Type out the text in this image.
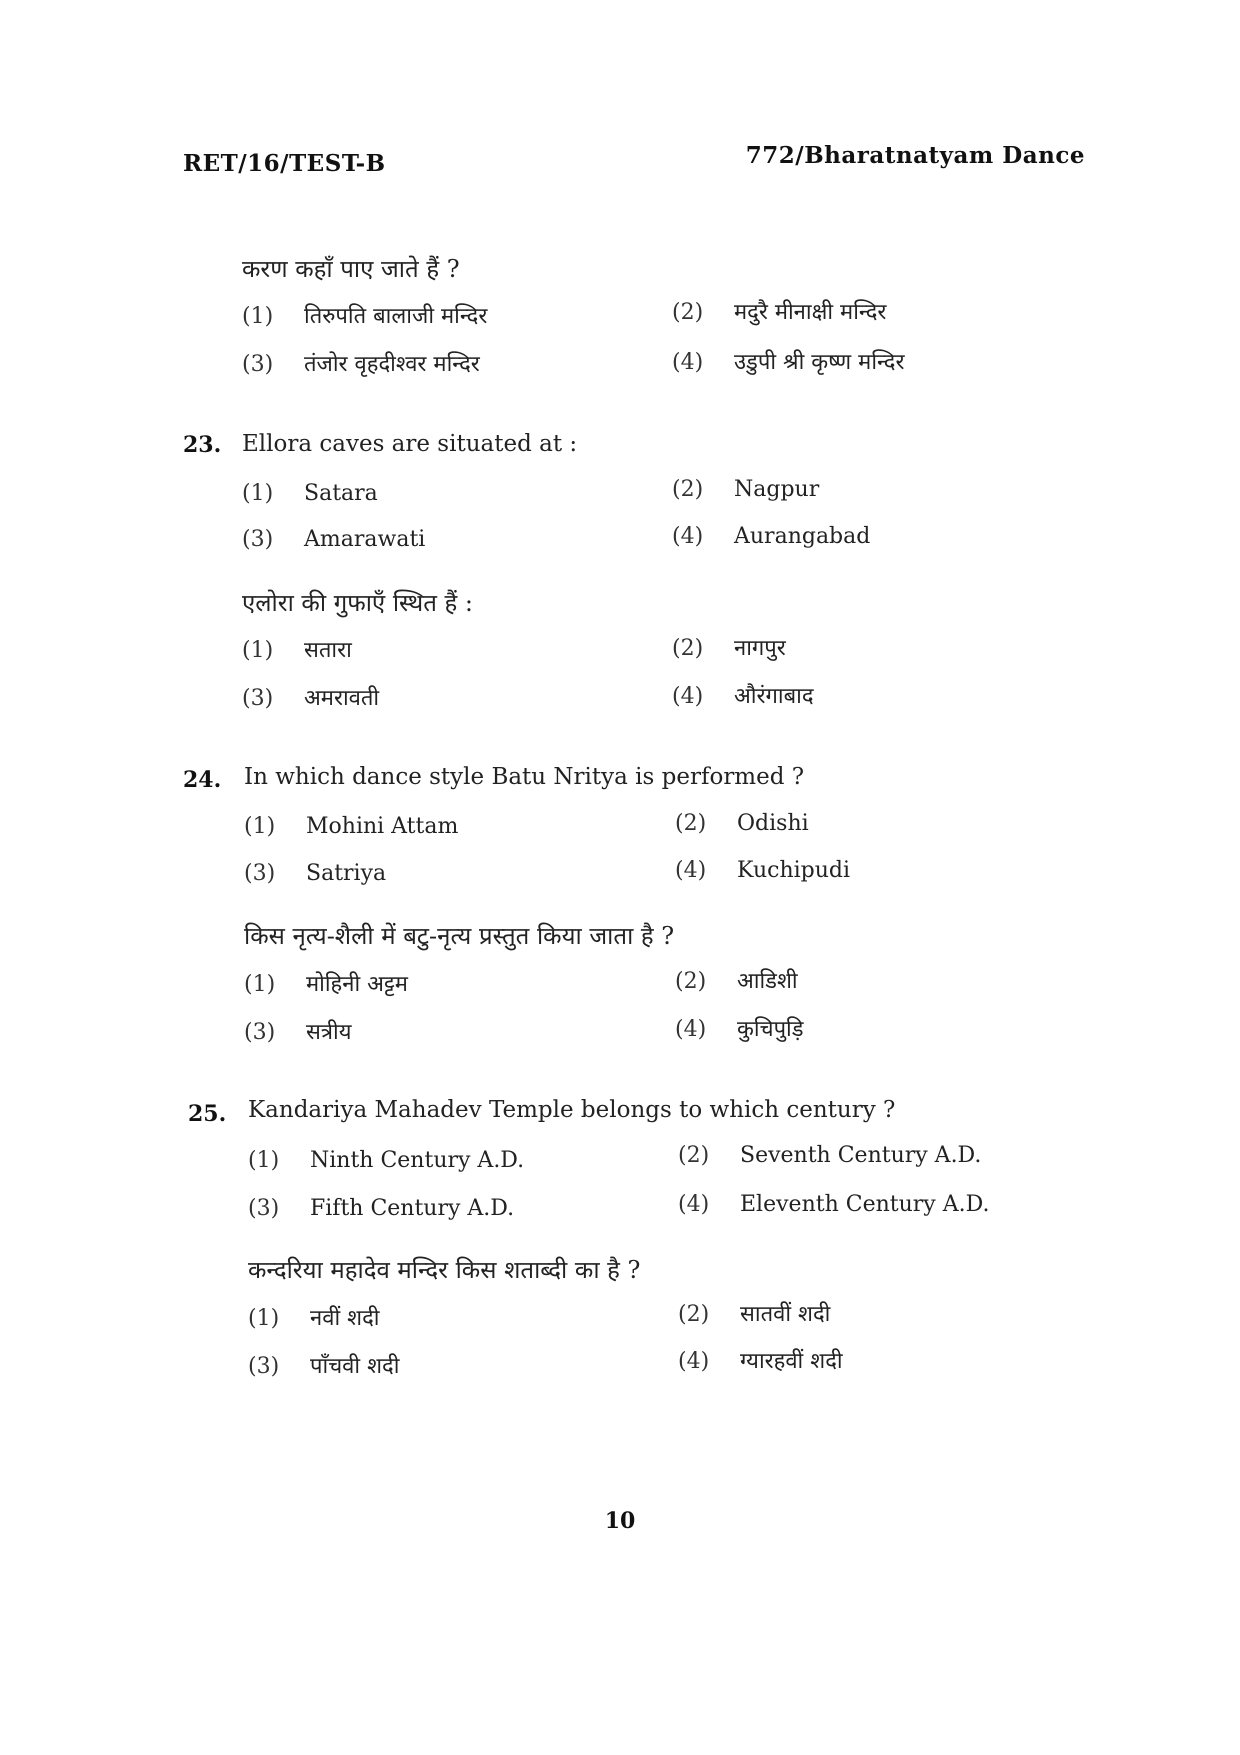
RET/16/TEST-B	772/Bharatnatyam Dance
करण कहाँ पाए जाते हैं ?
(1) तिरुपति बालाजी मन्दिर	(2) मदुरै मीनाक्षी मन्दिर
(3) तंजोर वृहदीश्वर मन्दिर	(4) उडुपी श्री कृष्ण मन्दिर
23. Ellora caves are situated at :
(1) Satara	(2) Nagpur
(3) Amarawati	(4) Aurangabad
एलोरा की गुफाएँ स्थित हैं :
(1) सतारा	(2) नागपुर
(3) अमरावती	(4) औरंगाबाद
24. In which dance style Batu Nritya is performed ?
(1) Mohini Attam	(2) Odishi
(3) Satriya	(4) Kuchipudi
किस नृत्य-शैली में बटु-नृत्य प्रस्तुत किया जाता है ?
(1) मोहिनी अट्टम	(2) आडिशी
(3) सत्रीय	(4) कुचिपुड़ि
25. Kandariya Mahadev Temple belongs to which century ?
(1) Ninth Century A.D.	(2) Seventh Century A.D.
(3) Fifth Century A.D.	(4) Eleventh Century A.D.
कन्दरिया महादेव मन्दिर किस शताब्दी का है ?
(1) नवीं शदी	(2) सातवीं शदी
(3) पाँचवी शदी	(4) ग्यारहवीं शदी
10
